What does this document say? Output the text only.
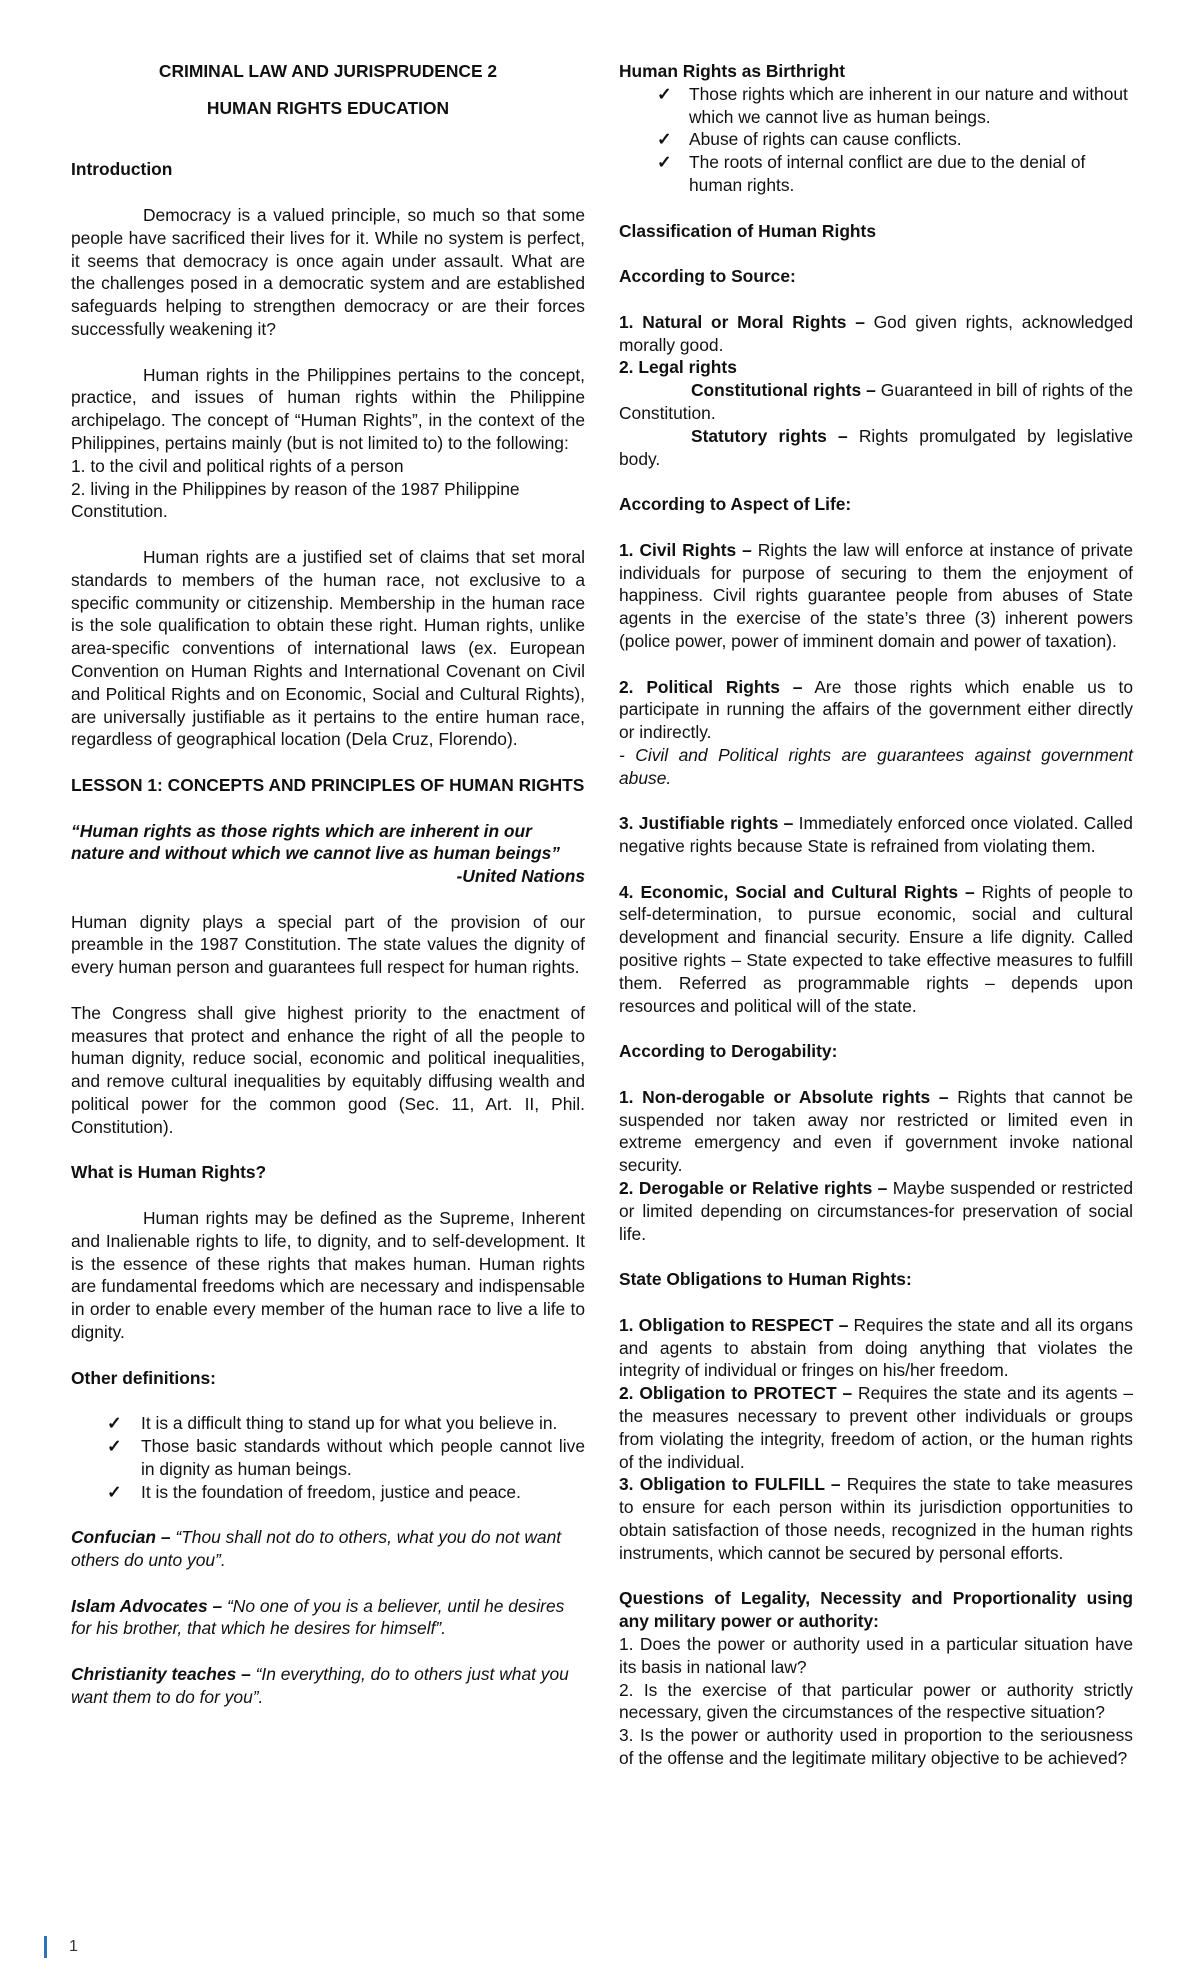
CRIMINAL LAW AND JURISPRUDENCE 2

HUMAN RIGHTS EDUCATION

Introduction

Democracy is a valued principle, so much so that some people have sacrificed their lives for it. While no system is perfect, it seems that democracy is once again under assault. What are the challenges posed in a democratic system and are established safeguards helping to strengthen democracy or are their forces successfully weakening it?

Human rights in the Philippines pertains to the concept, practice, and issues of human rights within the Philippine archipelago. The concept of “Human Rights”, in the context of the Philippines, pertains mainly (but is not limited to) to the following:

1. to the civil and political rights of a person

2. living in the Philippines by reason of the 1987 Philippine Constitution.

Human rights are a justified set of claims that set moral standards to members of the human race, not exclusive to a specific community or citizenship. Membership in the human race is the sole qualification to obtain these right. Human rights, unlike area-specific conventions of international laws (ex. European Convention on Human Rights and International Covenant on Civil and Political Rights and on Economic, Social and Cultural Rights), are universally justifiable as it pertains to the entire human race, regardless of geographical location (Dela Cruz, Florendo).

LESSON 1: CONCEPTS AND PRINCIPLES OF HUMAN RIGHTS

“Human rights as those rights which are inherent in our nature and without which we cannot live as human beings”

-United Nations

Human dignity plays a special part of the provision of our preamble in the 1987 Constitution. The state values the dignity of every human person and guarantees full respect for human rights.

The Congress shall give highest priority to the enactment of measures that protect and enhance the right of all the people to human dignity, reduce social, economic and political inequalities, and remove cultural inequalities by equitably diffusing wealth and political power for the common good (Sec. 11, Art. II, Phil. Constitution).

What is Human Rights?

Human rights may be defined as the Supreme, Inherent and Inalienable rights to life, to dignity, and to self-development. It is the essence of these rights that makes human. Human rights are fundamental freedoms which are necessary and indispensable in order to enable every member of the human race to live a life to dignity.

Other definitions:

✓ It is a difficult thing to stand up for what you believe in.
✓ Those basic standards without which people cannot live in dignity as human beings.
✓ It is the foundation of freedom, justice and peace.

Confucian – “Thou shall not do to others, what you do not want others do unto you”.

Islam Advocates – “No one of you is a believer, until he desires for his brother, that which he desires for himself”.

Christianity teaches – “In everything, do to others just what you want them to do for you”.

Human Rights as Birthright

✓ Those rights which are inherent in our nature and without which we cannot live as human beings.
✓ Abuse of rights can cause conflicts.
✓ The roots of internal conflict are due to the denial of human rights.

Classification of Human Rights

According to Source:

1. Natural or Moral Rights – God given rights, acknowledged morally good.

2. Legal rights

Constitutional rights – Guaranteed in bill of rights of the Constitution.

Statutory rights – Rights promulgated by legislative body.

According to Aspect of Life:

1. Civil Rights – Rights the law will enforce at instance of private individuals for purpose of securing to them the enjoyment of happiness. Civil rights guarantee people from abuses of State agents in the exercise of the state’s three (3) inherent powers (police power, power of imminent domain and power of taxation).

2. Political Rights – Are those rights which enable us to participate in running the affairs of the government either directly or indirectly.

- Civil and Political rights are guarantees against government abuse.

3. Justifiable rights – Immediately enforced once violated. Called negative rights because State is refrained from violating them.

4. Economic, Social and Cultural Rights – Rights of people to self-determination, to pursue economic, social and cultural development and financial security. Ensure a life dignity. Called positive rights – State expected to take effective measures to fulfill them. Referred as programmable rights – depends upon resources and political will of the state.

According to Derogability:

1. Non-derogable or Absolute rights – Rights that cannot be suspended nor taken away nor restricted or limited even in extreme emergency and even if government invoke national security.

2. Derogable or Relative rights – Maybe suspended or restricted or limited depending on circumstances-for preservation of social life.

State Obligations to Human Rights:

1. Obligation to RESPECT – Requires the state and all its organs and agents to abstain from doing anything that violates the integrity of individual or fringes on his/her freedom.

2. Obligation to PROTECT – Requires the state and its agents – the measures necessary to prevent other individuals or groups from violating the integrity, freedom of action, or the human rights of the individual.

3. Obligation to FULFILL – Requires the state to take measures to ensure for each person within its jurisdiction opportunities to obtain satisfaction of those needs, recognized in the human rights instruments, which cannot be secured by personal efforts.

Questions of Legality, Necessity and Proportionality using any military power or authority:

1. Does the power or authority used in a particular situation have its basis in national law?

2. Is the exercise of that particular power or authority strictly necessary, given the circumstances of the respective situation?

3. Is the power or authority used in proportion to the seriousness of the offense and the legitimate military objective to be achieved?

1
